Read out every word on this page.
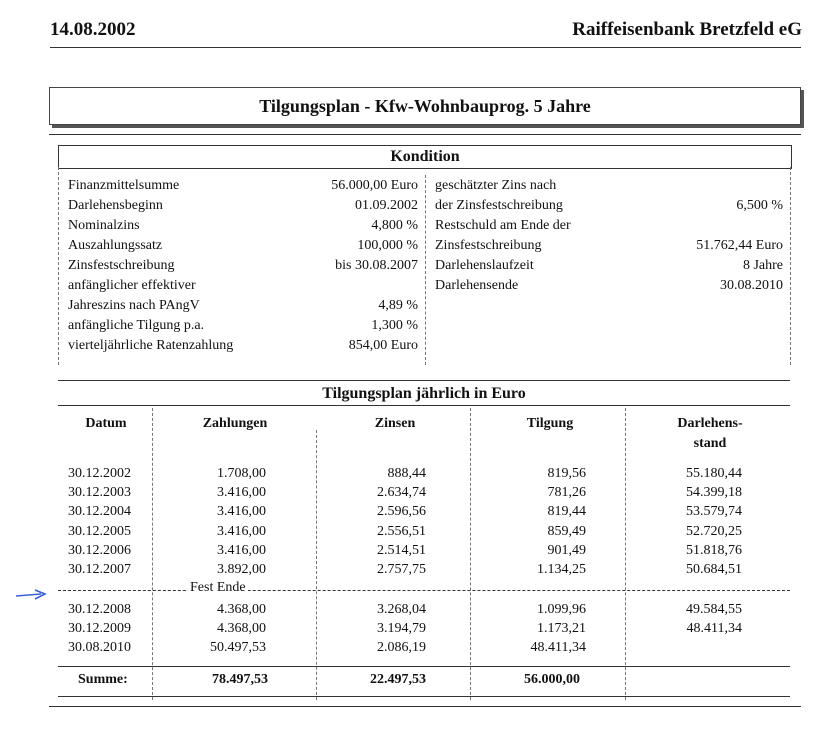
14.08.2002	Raiffeisenbank Bretzfeld eG
Tilgungsplan - Kfw-Wohnbauprog. 5 Jahre
Kondition
Finanzmittelsumme	56.000,00 Euro
Darlehensbeginn	01.09.2002
Nominalzins	4,800 %
Auszahlungssatz	100,000 %
Zinsfestschreibung	bis 30.08.2007
anfänglicher effektiver	
Jahreszins nach PAngV	4,89 %
anfängliche Tilgung p.a.	1,300 %
vierteljährliche Ratenzahlung	854,00 Euro
geschätzter Zins nach	
der Zinsfestschreibung	6,500 %
Restschuld am Ende der	
Zinsfestschreibung	51.762,44 Euro
Darlehenslaufzeit	8 Jahre
Darlehensende	30.08.2010
Tilgungsplan jährlich in Euro
Datum	Zahlungen	Zinsen	Tilgung	Darlehens-
stand
30.12.2002	1.708,00	888,44	819,56	55.180,44
30.12.2003	3.416,00	2.634,74	781,26	54.399,18
30.12.2004	3.416,00	2.596,56	819,44	53.579,74
30.12.2005	3.416,00	2.556,51	859,49	52.720,25
30.12.2006	3.416,00	2.514,51	901,49	51.818,76
30.12.2007	3.892,00	2.757,75	1.134,25	50.684,51
Fest Ende
30.12.2008	4.368,00	3.268,04	1.099,96	49.584,55
30.12.2009	4.368,00	3.194,79	1.173,21	48.411,34
30.08.2010	50.497,53	2.086,19	48.411,34	
Summe:	78.497,53	22.497,53	56.000,00
